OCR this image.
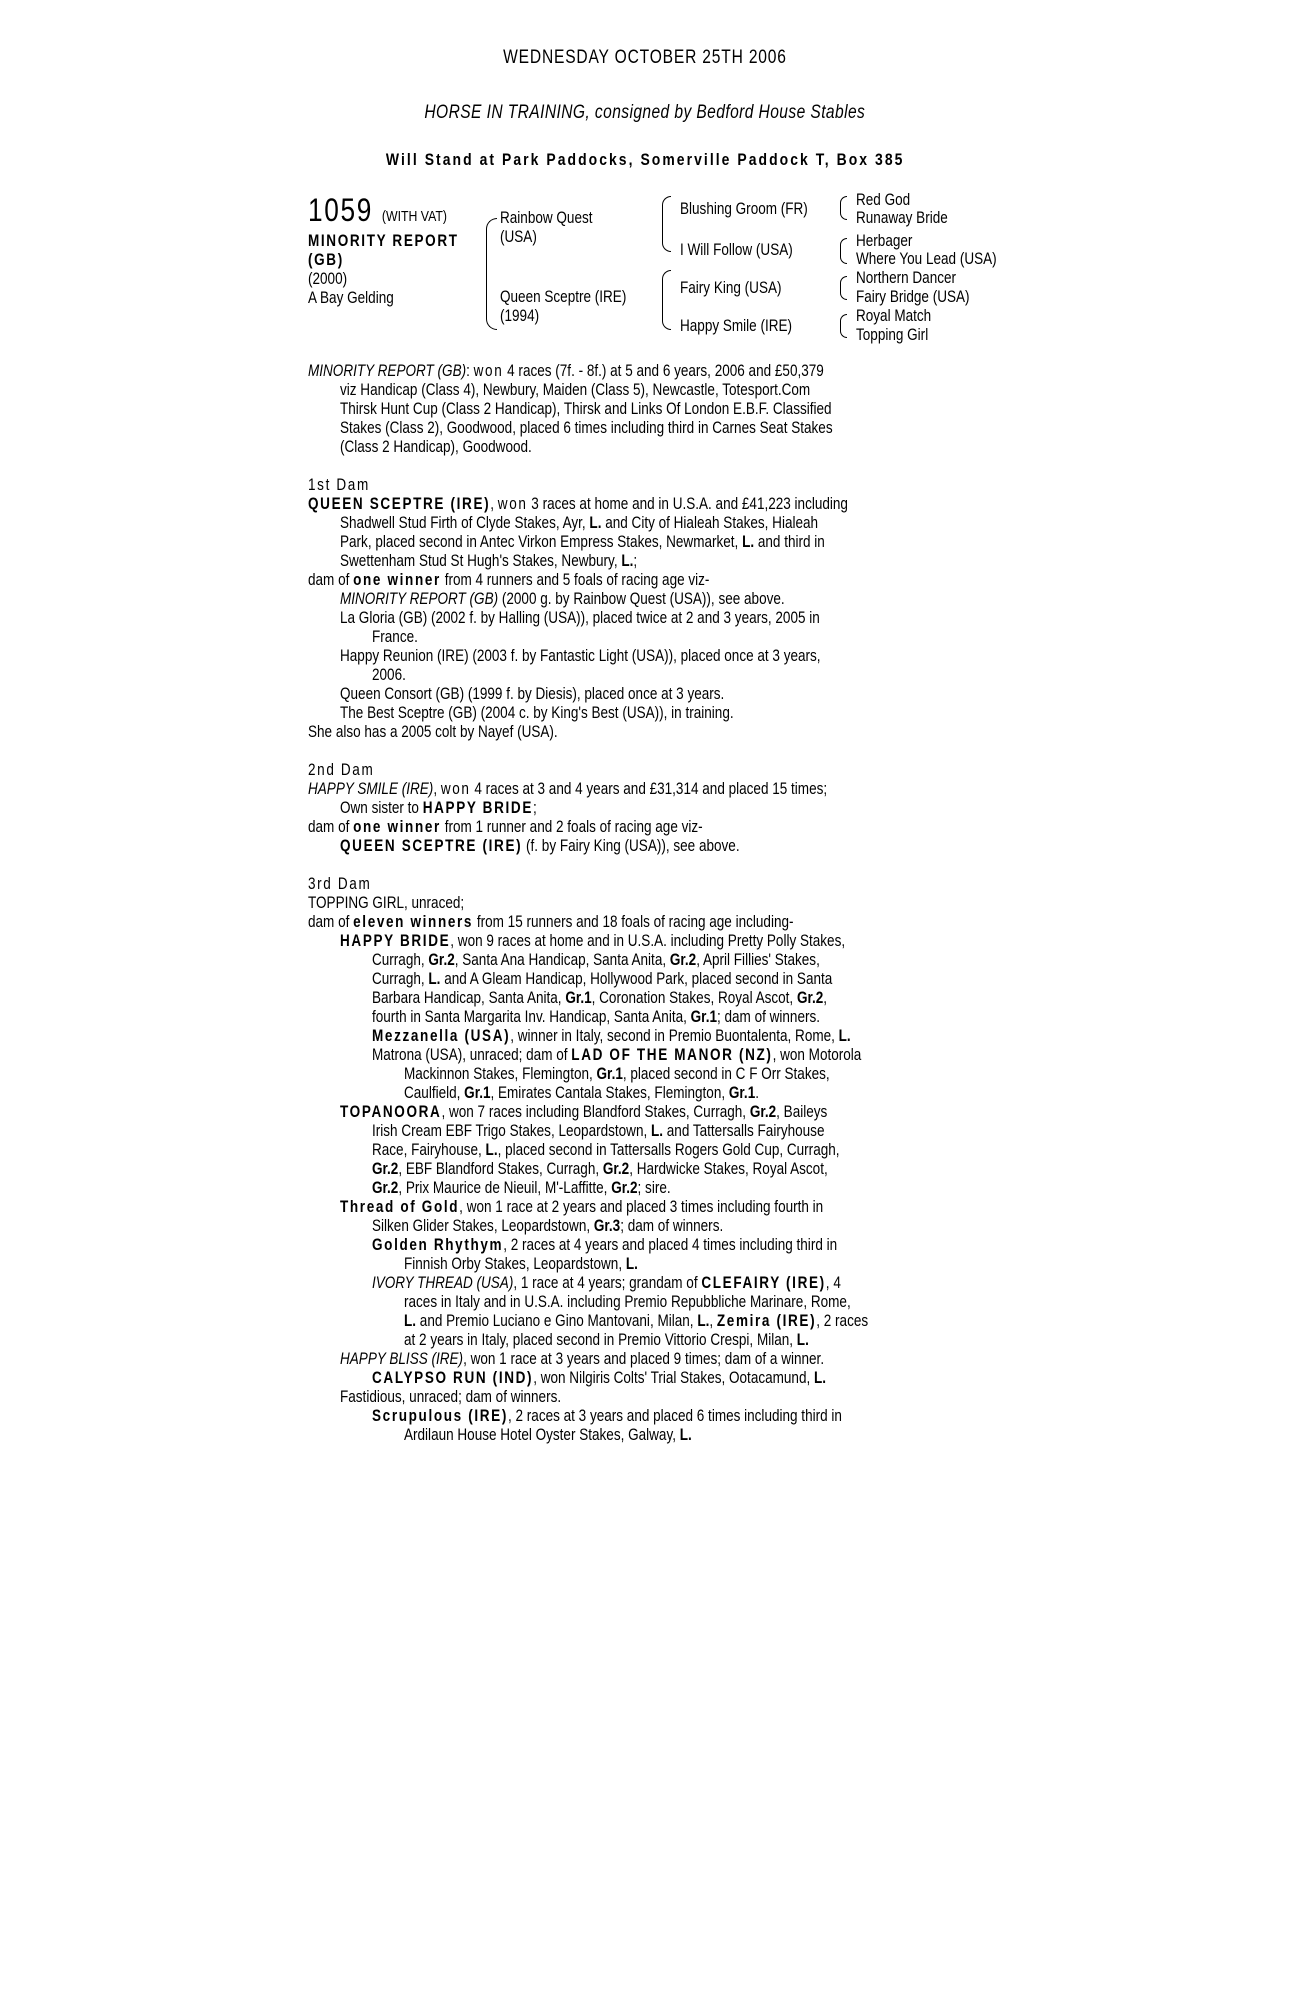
WEDNESDAY OCTOBER 25TH 2006
HORSE IN TRAINING, consigned by Bedford House Stables
Will Stand at Park Paddocks, Somerville Paddock T, Box 385
1059 (WITH VAT)
MINORITY REPORT
(GB)
(2000)
A Bay Gelding
Rainbow Quest
(USA)
Queen Sceptre (IRE)
(1994)
Blushing Groom (FR)
I Will Follow (USA)
Fairy King (USA)
Happy Smile (IRE)
Red God
Runaway Bride
Herbager
Where You Lead (USA)
Northern Dancer
Fairy Bridge (USA)
Royal Match
Topping Girl
MINORITY REPORT (GB): won 4 races (7f. - 8f.) at 5 and 6 years, 2006 and £50,379
viz Handicap (Class 4), Newbury, Maiden (Class 5), Newcastle, Totesport.Com
Thirsk Hunt Cup (Class 2 Handicap), Thirsk and Links Of London E.B.F. Classified
Stakes (Class 2), Goodwood, placed 6 times including third in Carnes Seat Stakes
(Class 2 Handicap), Goodwood.
1st Dam
QUEEN SCEPTRE (IRE), won 3 races at home and in U.S.A. and £41,223 including
Shadwell Stud Firth of Clyde Stakes, Ayr, L. and City of Hialeah Stakes, Hialeah
Park, placed second in Antec Virkon Empress Stakes, Newmarket, L. and third in
Swettenham Stud St Hugh's Stakes, Newbury, L.;
dam of one winner from 4 runners and 5 foals of racing age viz-
MINORITY REPORT (GB) (2000 g. by Rainbow Quest (USA)), see above.
La Gloria (GB) (2002 f. by Halling (USA)), placed twice at 2 and 3 years, 2005 in
France.
Happy Reunion (IRE) (2003 f. by Fantastic Light (USA)), placed once at 3 years,
2006.
Queen Consort (GB) (1999 f. by Diesis), placed once at 3 years.
The Best Sceptre (GB) (2004 c. by King's Best (USA)), in training.
She also has a 2005 colt by Nayef (USA).
2nd Dam
HAPPY SMILE (IRE), won 4 races at 3 and 4 years and £31,314 and placed 15 times;
Own sister to HAPPY BRIDE;
dam of one winner from 1 runner and 2 foals of racing age viz-
QUEEN SCEPTRE (IRE) (f. by Fairy King (USA)), see above.
3rd Dam
TOPPING GIRL, unraced;
dam of eleven winners from 15 runners and 18 foals of racing age including-
HAPPY BRIDE, won 9 races at home and in U.S.A. including Pretty Polly Stakes,
Curragh, Gr.2, Santa Ana Handicap, Santa Anita, Gr.2, April Fillies' Stakes,
Curragh, L. and A Gleam Handicap, Hollywood Park, placed second in Santa
Barbara Handicap, Santa Anita, Gr.1, Coronation Stakes, Royal Ascot, Gr.2,
fourth in Santa Margarita Inv. Handicap, Santa Anita, Gr.1; dam of winners.
Mezzanella (USA), winner in Italy, second in Premio Buontalenta, Rome, L.
Matrona (USA), unraced; dam of LAD OF THE MANOR (NZ), won Motorola
Mackinnon Stakes, Flemington, Gr.1, placed second in C F Orr Stakes,
Caulfield, Gr.1, Emirates Cantala Stakes, Flemington, Gr.1.
TOPANOORA, won 7 races including Blandford Stakes, Curragh, Gr.2, Baileys
Irish Cream EBF Trigo Stakes, Leopardstown, L. and Tattersalls Fairyhouse
Race, Fairyhouse, L., placed second in Tattersalls Rogers Gold Cup, Curragh,
Gr.2, EBF Blandford Stakes, Curragh, Gr.2, Hardwicke Stakes, Royal Ascot,
Gr.2, Prix Maurice de Nieuil, M'-Laffitte, Gr.2; sire.
Thread of Gold, won 1 race at 2 years and placed 3 times including fourth in
Silken Glider Stakes, Leopardstown, Gr.3; dam of winners.
Golden Rhythym, 2 races at 4 years and placed 4 times including third in
Finnish Orby Stakes, Leopardstown, L.
IVORY THREAD (USA), 1 race at 4 years; grandam of CLEFAIRY (IRE), 4
races in Italy and in U.S.A. including Premio Repubbliche Marinare, Rome,
L. and Premio Luciano e Gino Mantovani, Milan, L., Zemira (IRE), 2 races
at 2 years in Italy, placed second in Premio Vittorio Crespi, Milan, L.
HAPPY BLISS (IRE), won 1 race at 3 years and placed 9 times; dam of a winner.
CALYPSO RUN (IND), won Nilgiris Colts' Trial Stakes, Ootacamund, L.
Fastidious, unraced; dam of winners.
Scrupulous (IRE), 2 races at 3 years and placed 6 times including third in
Ardilaun House Hotel Oyster Stakes, Galway, L.
